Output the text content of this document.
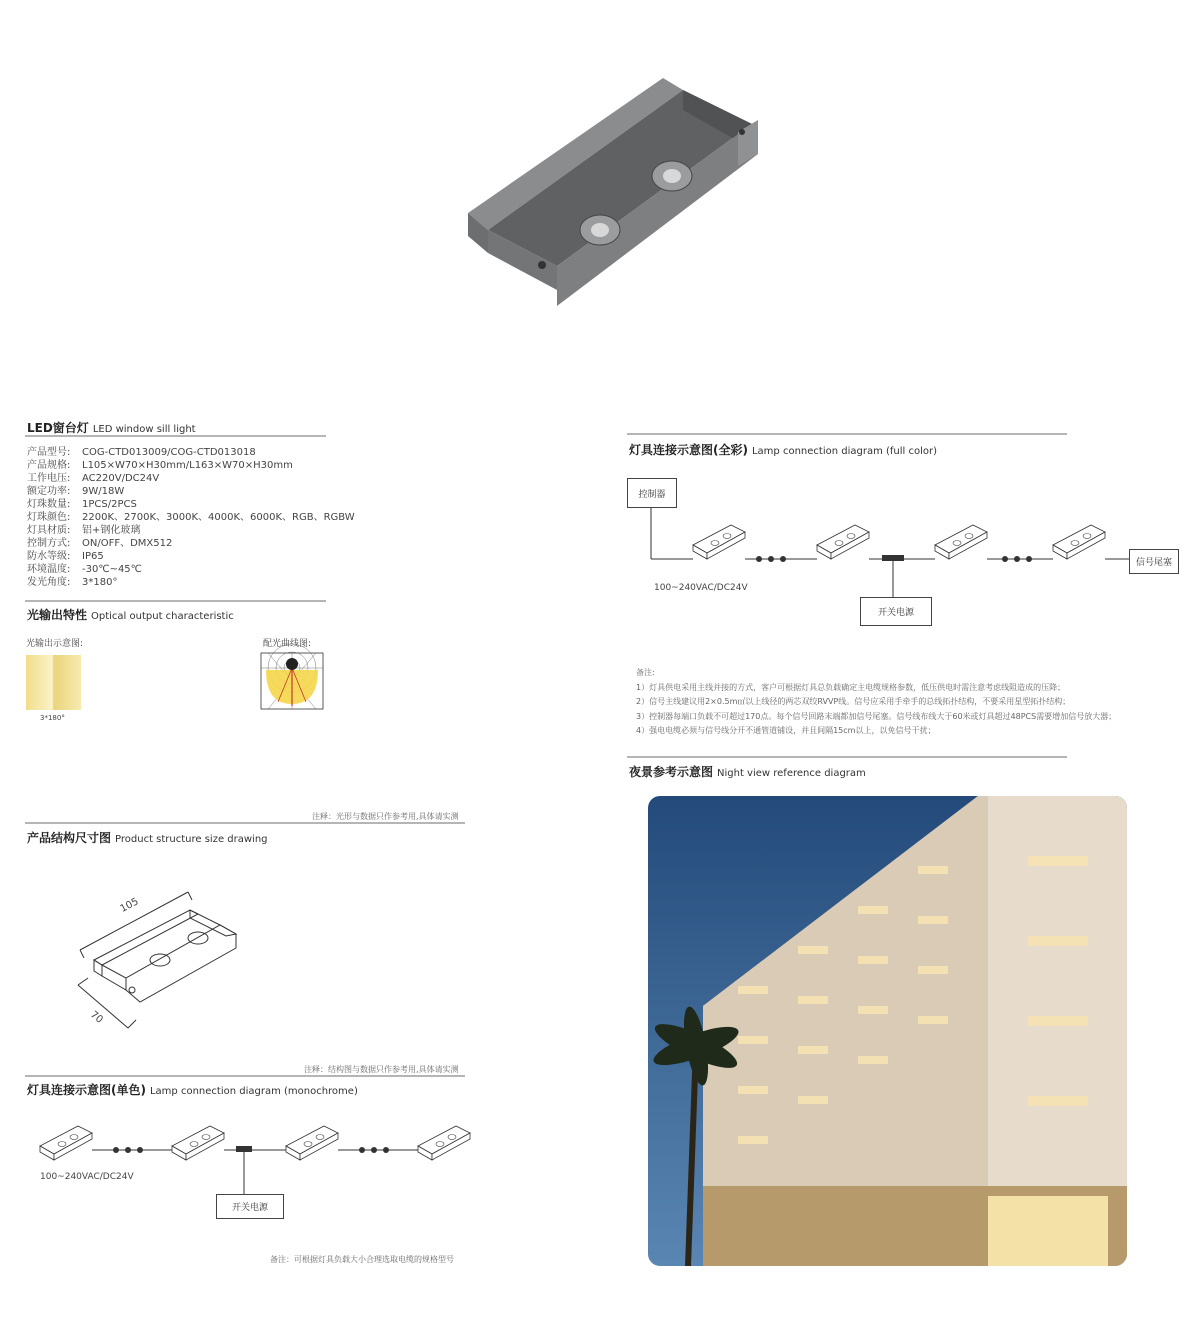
LED窗台灯 LED window sill light
产品型号: COG-CTD013009/COG-CTD013018
产品规格: L105×W70×H30mm/L163×W70×H30mm
工作电压: AC220V/DC24V
额定功率: 9W/18W
灯珠数量: 1PCS/2PCS
灯珠颜色: 2200K、2700K、3000K、4000K、6000K、RGB、RGBW
灯具材质: 铝+钢化玻璃
控制方式: ON/OFF、DMX512
防水等级: IP65
环境温度: -30℃~45℃
发光角度: 3*180°
光输出特性 Optical output characteristic
光输出示意图:	配光曲线图:
3*180°
注释：光形与数据只作参考用,具体请实测
产品结构尺寸图 Product structure size drawing
105
70
注释：结构图与数据只作参考用,具体请实测
灯具连接示意图(单色) Lamp connection diagram (monochrome)
100~240VAC/DC24V
开关电源
备注：可根据灯具负载大小合理选取电缆的规格型号
灯具连接示意图(全彩) Lamp connection diagram (full color)
控制器
信号尾塞
100~240VAC/DC24V
开关电源
备注:
1）灯具供电采用主线并接的方式，客户可根据灯具总负载确定主电缆规格参数，低压供电时需注意考虑线阻造成的压降；
2）信号主线建议用2×0.5m㎡以上线径的两芯双绞RVVP线。信号应采用手牵手的总线拓扑结构，不要采用星型拓扑结构；
3）控制器每端口负载不可超过170点。每个信号回路末端都加信号尾塞。信号线布线大于60米或灯具超过48PCS需要增加信号放大器；
4）强电电缆必须与信号线分开不通管道铺设，并且间隔15cm以上，以免信号干扰；
夜景参考示意图 Night view reference diagram
